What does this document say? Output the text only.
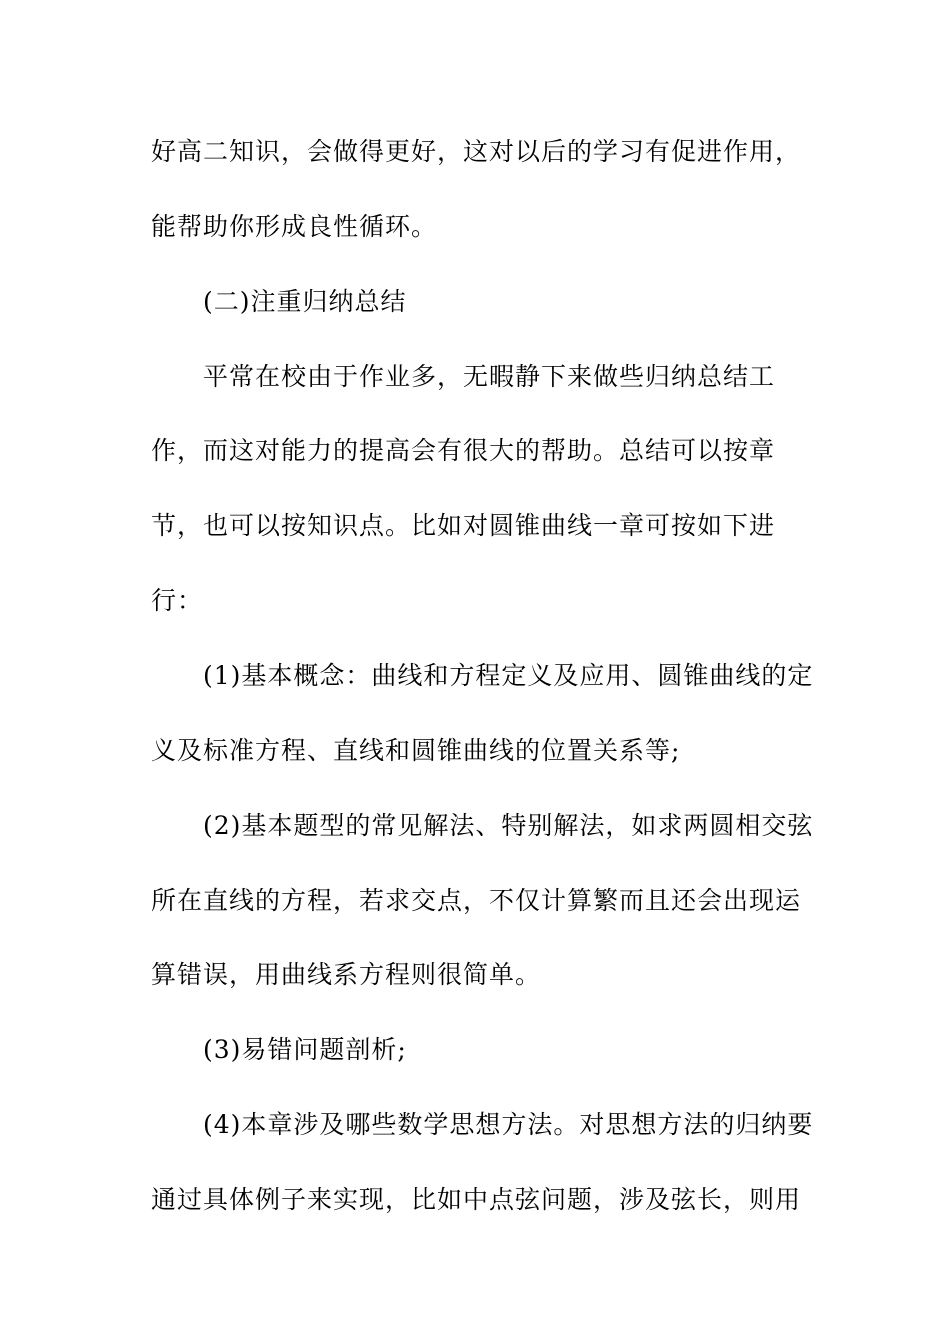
好高二知识，会做得更好，这对以后的学习有促进作用，
能帮助你形成良性循环。
(二)注重归纳总结
平常在校由于作业多，无暇静下来做些归纳总结工
作，而这对能力的提高会有很大的帮助。总结可以按章
节，也可以按知识点。比如对圆锥曲线一章可按如下进
行：
(1)基本概念：曲线和方程定义及应用、圆锥曲线的定
义及标准方程、直线和圆锥曲线的位置关系等;
(2)基本题型的常见解法、特别解法，如求两圆相交弦
所在直线的方程，若求交点，不仅计算繁而且还会出现运
算错误，用曲线系方程则很简单。
(3)易错问题剖析;
(4)本章涉及哪些数学思想方法。对思想方法的归纳要
通过具体例子来实现，比如中点弦问题，涉及弦长，则用
